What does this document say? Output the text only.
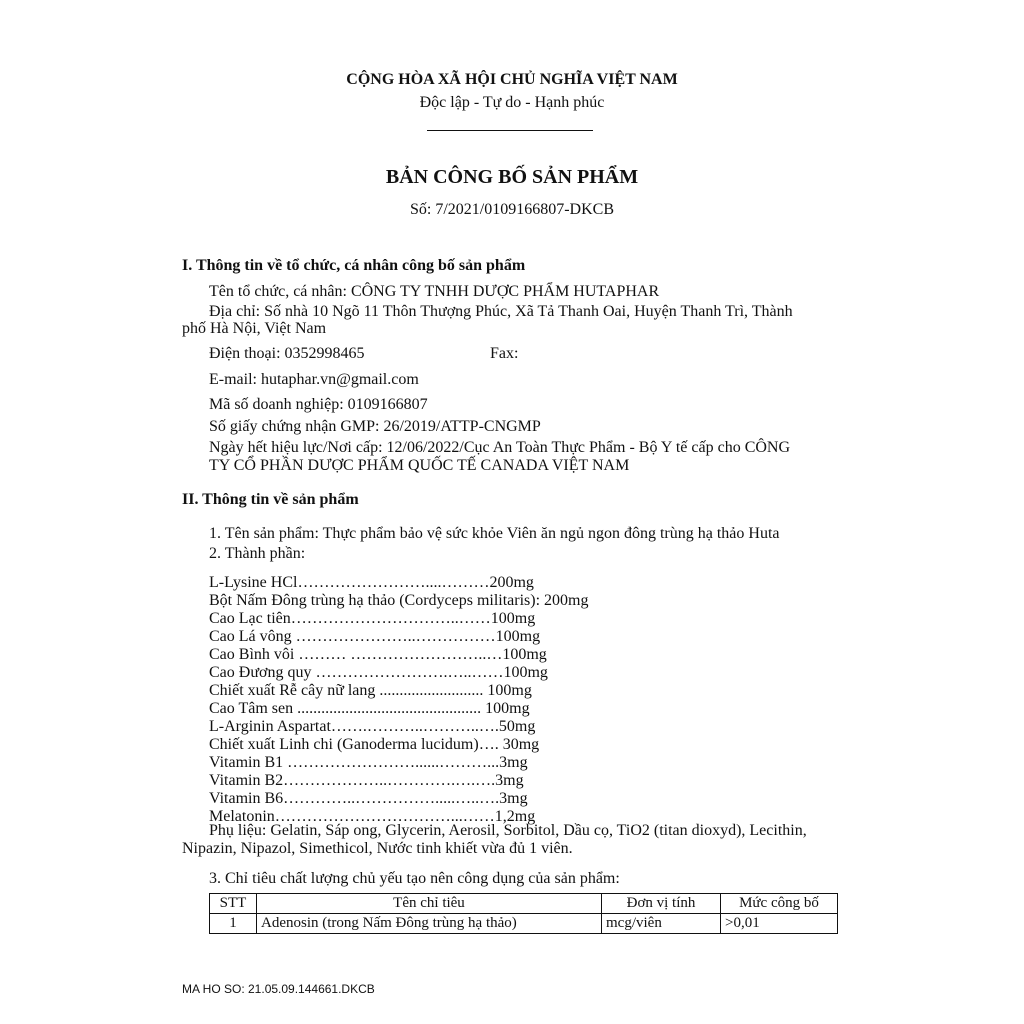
CỘNG HÒA XÃ HỘI CHỦ NGHĨA VIỆT NAM
Độc lập - Tự do - Hạnh phúc
BẢN CÔNG BỐ SẢN PHẨM
Số: 7/2021/0109166807-DKCB
I. Thông tin về tổ chức, cá nhân công bố sản phẩm
Tên tổ chức, cá nhân: CÔNG TY TNHH DƯỢC PHẨM HUTAPHAR
Địa chỉ: Số nhà 10 Ngõ 11 Thôn Thượng Phúc, Xã Tả Thanh Oai, Huyện Thanh Trì, Thành
phố Hà Nội, Việt Nam
Điện thoại: 0352998465	Fax:
E-mail: hutaphar.vn@gmail.com
Mã số doanh nghiệp: 0109166807
Số giấy chứng nhận GMP: 26/2019/ATTP-CNGMP
Ngày hết hiệu lực/Nơi cấp: 12/06/2022/Cục An Toàn Thực Phẩm - Bộ Y tế cấp cho CÔNG
TY CỔ PHẦN DƯỢC PHẨM QUỐC TẾ CANADA VIỆT NAM
II. Thông tin về sản phẩm
1. Tên sản phẩm: Thực phẩm bảo vệ sức khỏe Viên ăn ngủ ngon đông trùng hạ thảo Huta
2. Thành phần:
L-Lysine HCl……………………....………200mg
Bột Nấm Đông trùng hạ thảo (Cordyceps militaris): 200mg
Cao Lạc tiên…………………………..……100mg
Cao Lá vông …………………..……………100mg
Cao Bình vôi ……… ……………………..…100mg
Cao Đương quy …………………….…..……100mg
Chiết xuất Rễ cây nữ lang .......................... 100mg
Cao Tâm sen .............................................. 100mg
L-Arginin Aspartat…….………..………..….50mg
Chiết xuất Linh chi (Ganoderma lucidum)…. 30mg
Vitamin B1 ……………………......………...3mg
Vitamin B2………………..………….….….3mg
Vitamin B6…………..…………….....…..….3mg
Melatonin……………………………...……1,2mg
Phụ liệu: Gelatin, Sáp ong, Glycerin, Aerosil, Sorbitol, Dầu cọ, TiO2 (titan dioxyd), Lecithin,
Nipazin, Nipazol, Simethicol, Nước tinh khiết vừa đủ 1 viên.
3. Chỉ tiêu chất lượng chủ yếu tạo nên công dụng của sản phẩm:
STT	Tên chỉ tiêu	Đơn vị tính	Mức công bố
1	Adenosin (trong Nấm Đông trùng hạ thảo)	mcg/viên	>0,01
MA HO SO: 21.05.09.144661.DKCB
